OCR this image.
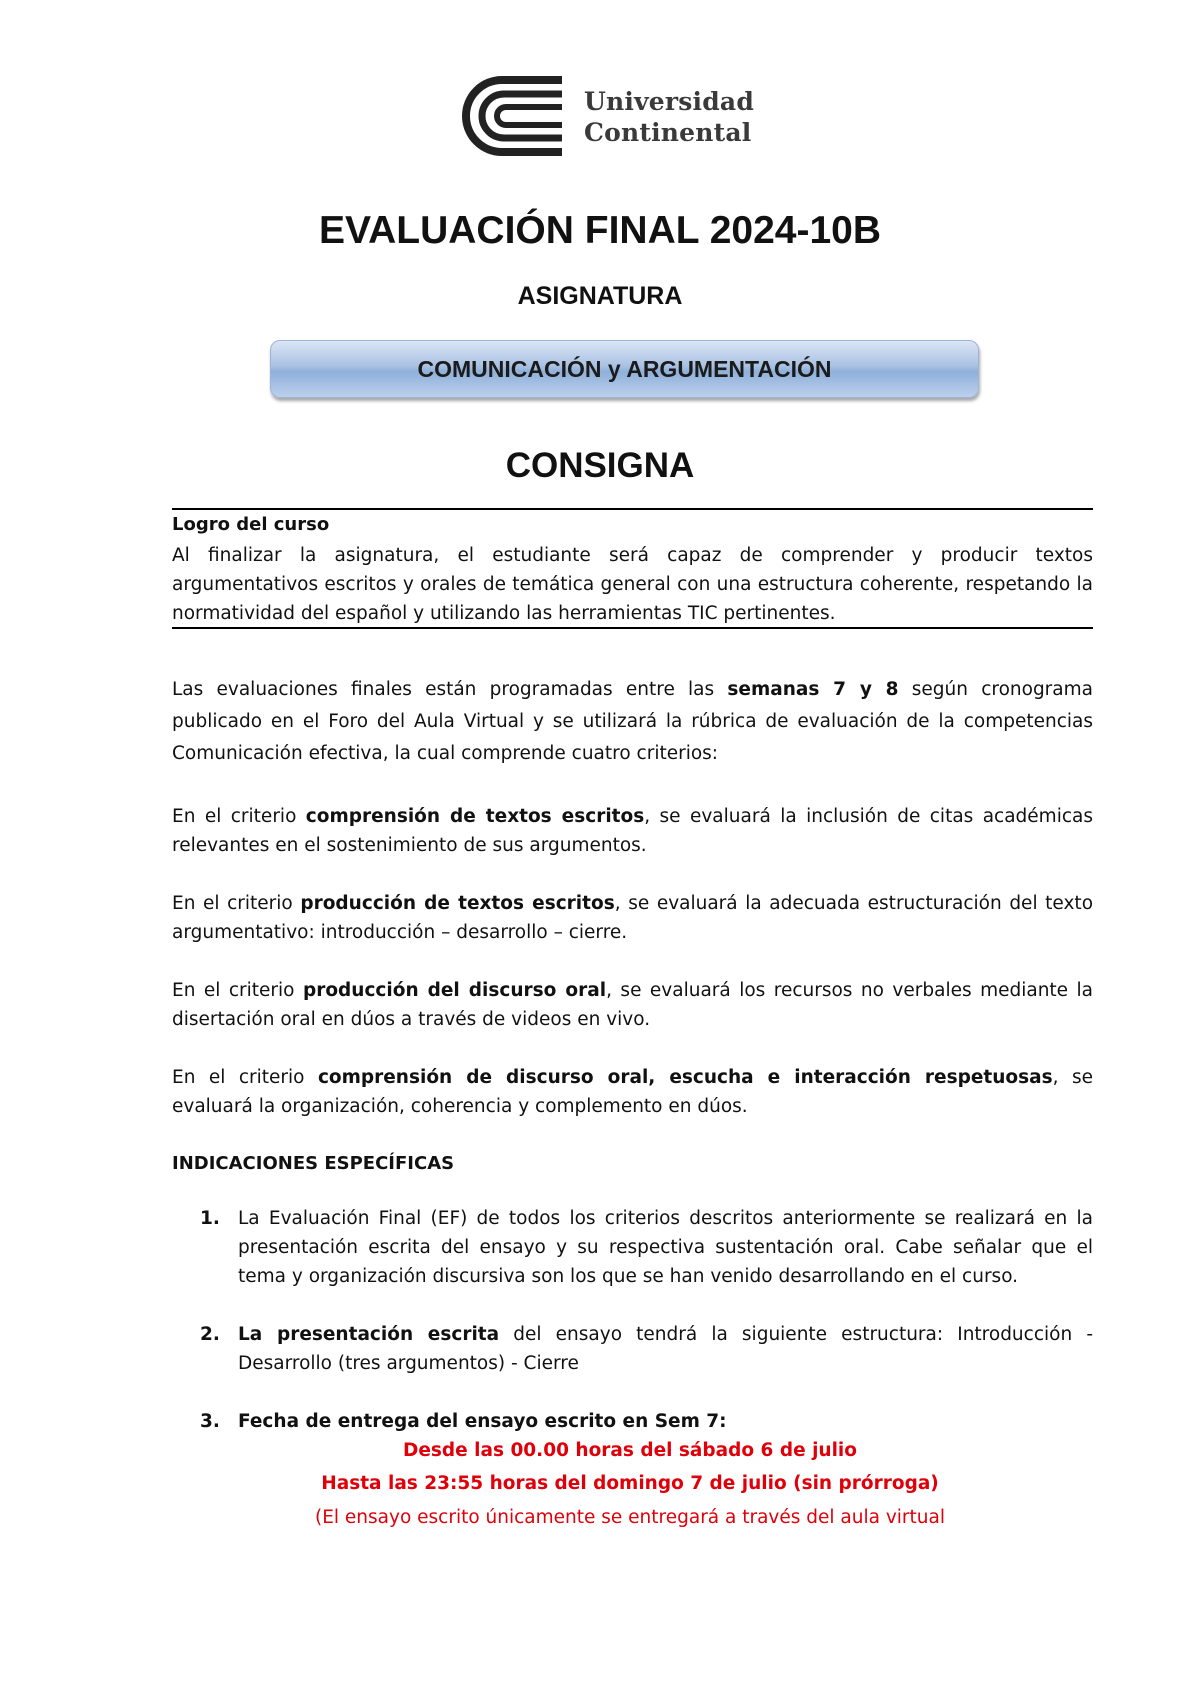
Universidad
Continental
EVALUACIÓN FINAL 2024-10B
ASIGNATURA
COMUNICACIÓN y ARGUMENTACIÓN
CONSIGNA
Logro del curso
Al finalizar la asignatura, el estudiante será capaz de comprender y producir textos argumentativos escritos y orales de temática general con una estructura coherente, respetando la normatividad del español y utilizando las herramientas TIC pertinentes.
Las evaluaciones finales están programadas entre las semanas 7 y 8 según cronograma publicado en el Foro del Aula Virtual y se utilizará la rúbrica de evaluación de la competencias Comunicación efectiva, la cual comprende cuatro criterios:
En el criterio comprensión de textos escritos, se evaluará la inclusión de citas académicas relevantes en el sostenimiento de sus argumentos.
En el criterio producción de textos escritos, se evaluará la adecuada estructuración del texto argumentativo: introducción – desarrollo – cierre.
En el criterio producción del discurso oral, se evaluará los recursos no verbales mediante la disertación oral en dúos a través de videos en vivo.
En el criterio comprensión de discurso oral, escucha e interacción respetuosas, se evaluará la organización, coherencia y complemento en dúos.
INDICACIONES ESPECÍFICAS
1. La Evaluación Final (EF) de todos los criterios descritos anteriormente se realizará en la presentación escrita del ensayo y su respectiva sustentación oral. Cabe señalar que el tema y organización discursiva son los que se han venido desarrollando en el curso.
2. La presentación escrita del ensayo tendrá la siguiente estructura: Introducción - Desarrollo (tres argumentos) - Cierre
3. Fecha de entrega del ensayo escrito en Sem 7:
Desde las 00.00 horas del sábado 6 de julio
Hasta las 23:55 horas del domingo 7 de julio (sin prórroga)
(El ensayo escrito únicamente se entregará a través del aula virtual
